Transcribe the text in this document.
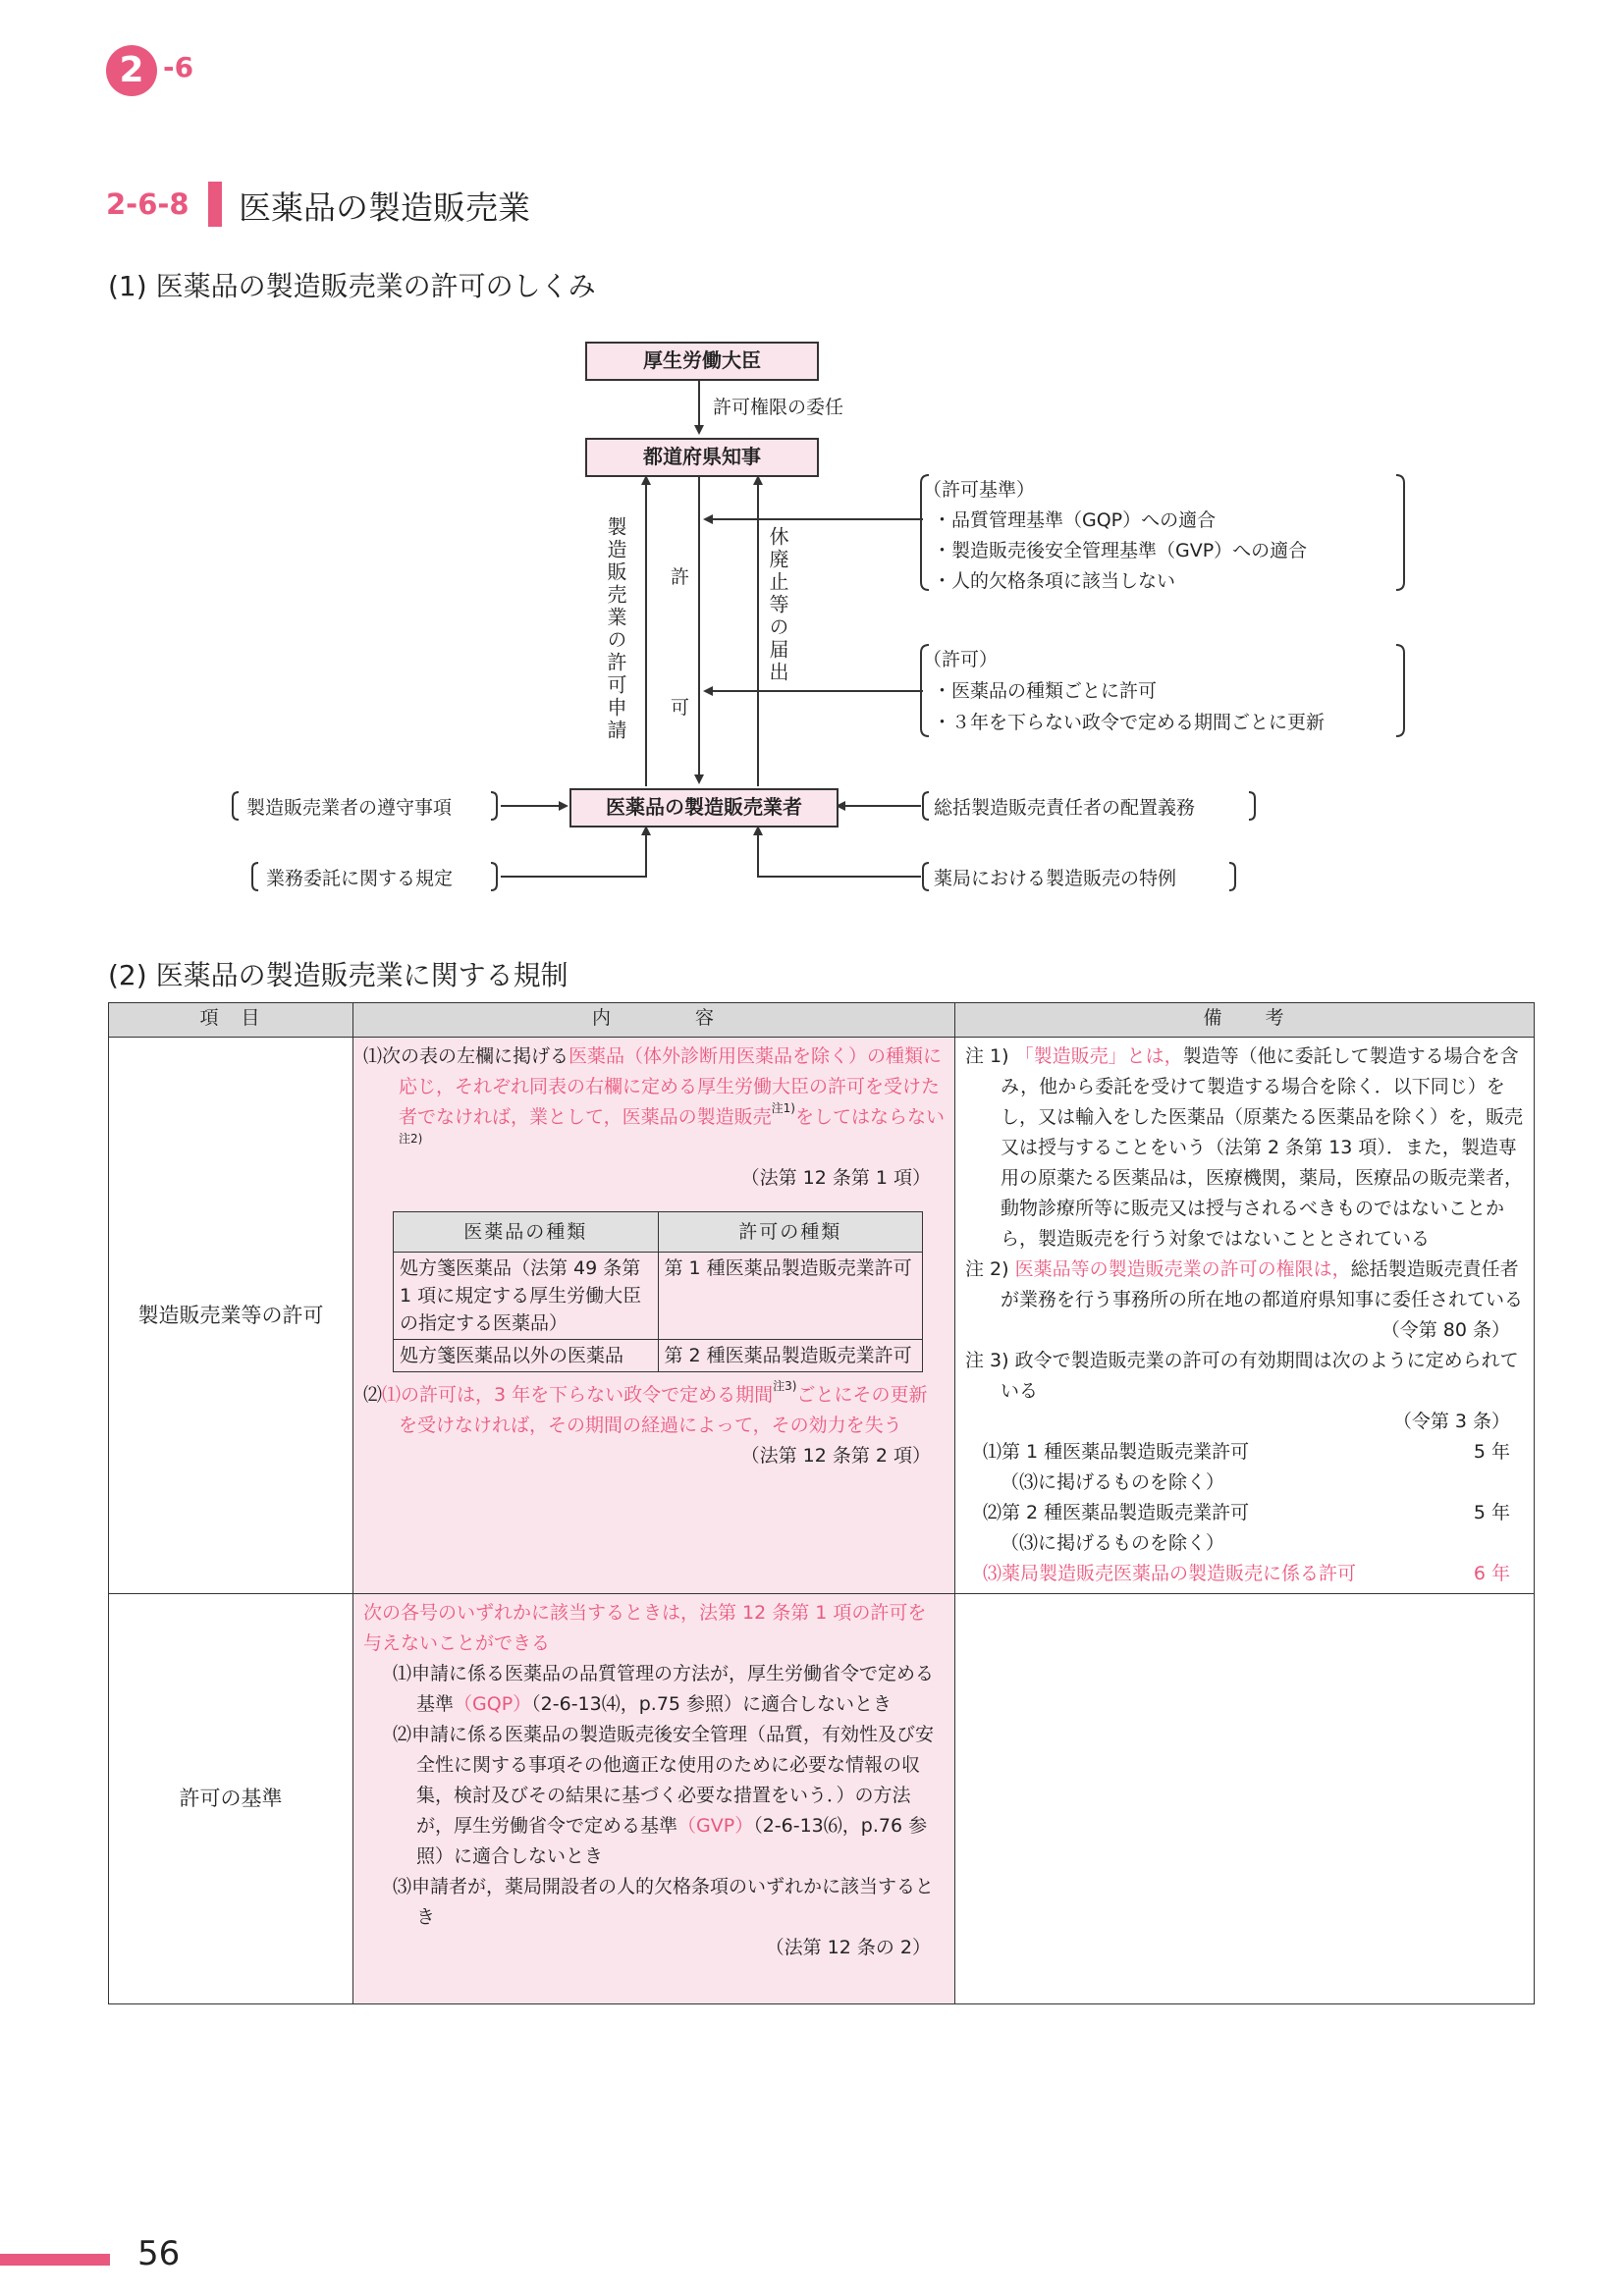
2 -6
2-6-8 医薬品の製造販売業
(1) 医薬品の製造販売業の許可のしくみ
厚生労働大臣
許可権限の委任
都道府県知事
医薬品の製造販売業者
製造販売業の許可申請 許
可
休廃止等の届出
（許可基準）
・品質管理基準（GQP）への適合
・製造販売後安全管理基準（GVP）への適合
・人的欠格条項に該当しない
（許可）
・医薬品の種類ごとに許可
・３年を下らない政令で定める期間ごとに更新
製造販売業者の遵守事項
業務委託に関する規定
総括製造販売責任者の配置義務
薬局における製造販売の特例
(2) 医薬品の製造販売業に関する規制
項　目	内　　　　容	備　　考
製造販売業等の許可	

⑴次の表の左欄に掲げる医薬品（体外診断用医薬品を除く）の種類に応じ，それぞれ同表の右欄に定める厚生労働大臣の許可を受けた者でなければ，業として，医薬品の製造販売$^{注1)}$をしてはならない$^{注2)}$

（法第 12 条第 1 項）

医薬品の種類	許可の種類
処方箋医薬品（法第 49 条第 1 項に規定する厚生労働大臣の指定する医薬品）	第 1 種医薬品製造販売業許可
処方箋医薬品以外の医薬品	第 2 種医薬品製造販売業許可

⑵⑴の許可は，3 年を下らない政令で定める期間$^{注3)}$ごとにその更新を受けなければ，その期間の経過によって，その効力を失う

（法第 12 条第 2 項）

注 1) 「製造販売」とは，製造等（他に委託して製造する場合を含み，他から委託を受けて製造する場合を除く．以下同じ）をし，又は輸入をした医薬品（原薬たる医薬品を除く）を，販売又は授与することをいう（法第 2 条第 13 項）．また，製造専用の原薬たる医薬品は，医療機関，薬局，医療品の販売業者，動物診療所等に販売又は授与されるべきものではないことから，製造販売を行う対象ではないこととされている

注 2) 医薬品等の製造販売業の許可の権限は，総括製造販売責任者が業務を行う事務所の所在地の都道府県知事に委任されている

（令第 80 条）

注 3) 政令で製造販売業の許可の有効期間は次のように定められている

（令第 3 条）

⑴第 1 種医薬品製造販売業許可	5 年

（⑶に掲げるものを除く）

⑵第 2 種医薬品製造販売業許可	5 年

（⑶に掲げるものを除く）

⑶薬局製造販売医薬品の製造販売に係る許可	6 年

許可の基準	

次の各号のいずれかに該当するときは，法第 12 条第 1 項の許可を与えないことができる

⑴申請に係る医薬品の品質管理の方法が，厚生労働省令で定める基準（GQP）（2-6-13⑷，p.75 参照）に適合しないとき

⑵申請に係る医薬品の製造販売後安全管理（品質，有効性及び安全性に関する事項その他適正な使用のために必要な情報の収集，検討及びその結果に基づく必要な措置をいう．）の方法が，厚生労働省令で定める基準（GVP）（2-6-13⑹，p.76 参照）に適合しないとき

⑶申請者が，薬局開設者の人的欠格条項のいずれかに該当するとき

（法第 12 条の 2）

56
